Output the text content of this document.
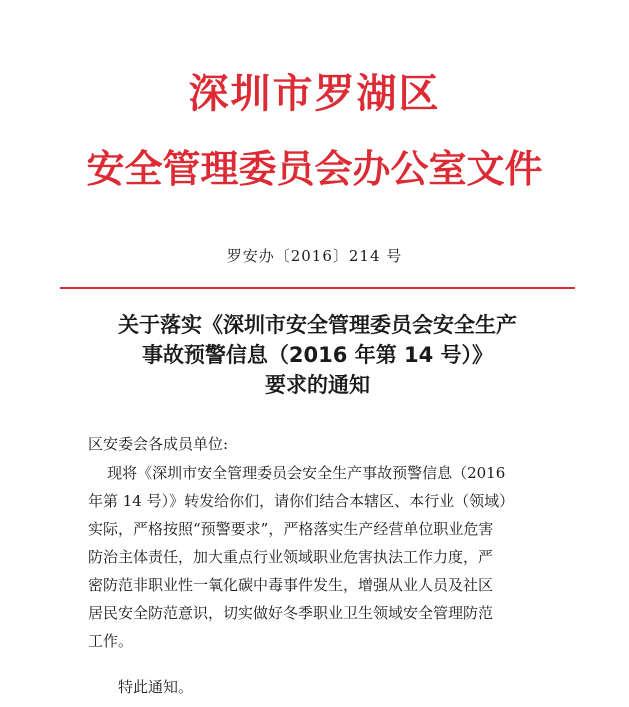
深圳市罗湖区
安全管理委员会办公室文件
罗安办〔2016〕214 号
关于落实《深圳市安全管理委员会安全生产
事故预警信息（2016 年第 14 号）》
要求的通知
区安委会各成员单位:
现将《深圳市安全管理委员会安全生产事故预警信息（2016
年第 14 号）》转发给你们，请你们结合本辖区、本行业（领域）
实际，严格按照“预警要求”，严格落实生产经营单位职业危害
防治主体责任，加大重点行业领域职业危害执法工作力度，严
密防范非职业性一氧化碳中毒事件发生，增强从业人员及社区
居民安全防范意识，切实做好冬季职业卫生领域安全管理防范
工作。
特此通知。
